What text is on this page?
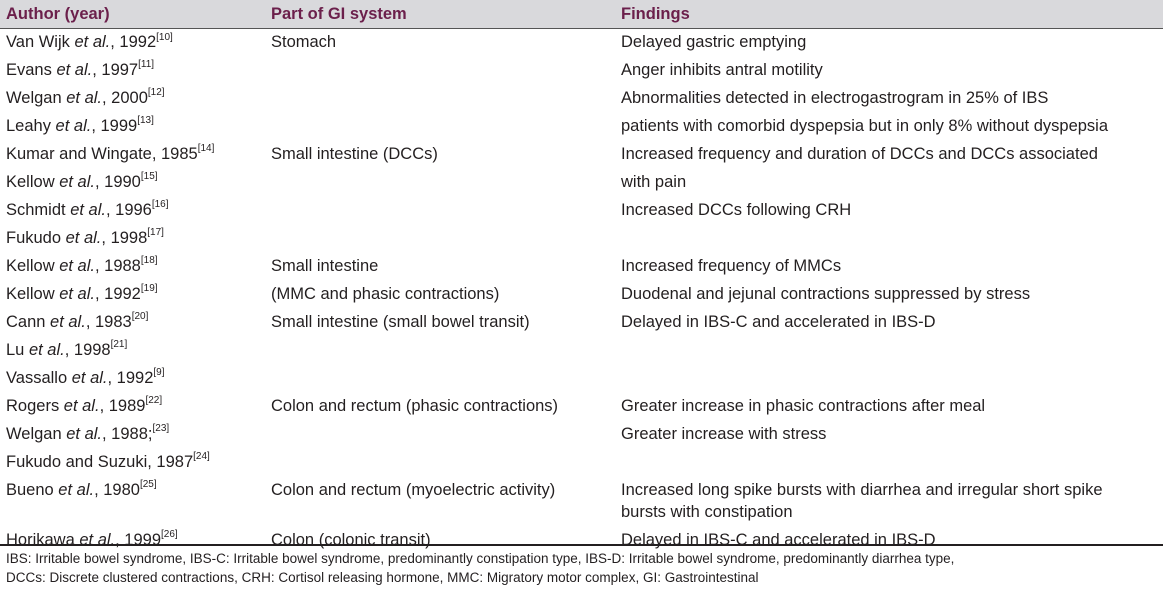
Author (year)	Part of GI system	Findings
Van Wijk et al., 1992[10]	Stomach	Delayed gastric emptying

Evans et al., 1997[11]		Anger inhibits antral motility

Welgan et al., 2000[12]		Abnormalities detected in electrogastrogram in 25% of IBS

Leahy et al., 1999[13]		patients with comorbid dyspepsia but in only 8% without dyspepsia

Kumar and Wingate, 1985[14]	Small intestine (DCCs)	Increased frequency and duration of DCCs and DCCs associated

Kellow et al., 1990[15]		with pain

Schmidt et al., 1996[16]		Increased DCCs following CRH

Fukudo et al., 1998[17]		

Kellow et al., 1988[18]	Small intestine	Increased frequency of MMCs

Kellow et al., 1992[19]	(MMC and phasic contractions)	Duodenal and jejunal contractions suppressed by stress

Cann et al., 1983[20]	Small intestine (small bowel transit)	Delayed in IBS-C and accelerated in IBS-D

Lu et al., 1998[21]		

Vassallo et al., 1992[9]		

Rogers et al., 1989[22]	Colon and rectum (phasic contractions)	Greater increase in phasic contractions after meal

Welgan et al., 1988;[23]		Greater increase with stress

Fukudo and Suzuki, 1987[24]		

Bueno et al., 1980[25]	Colon and rectum (myoelectric activity)	Increased long spike bursts with diarrhea and irregular short spike
bursts with constipation

Horikawa et al., 1999[26]	Colon (colonic transit)	Delayed in IBS-C and accelerated in IBS-D
IBS: Irritable bowel syndrome, IBS-C: Irritable bowel syndrome, predominantly constipation type, IBS-D: Irritable bowel syndrome, predominantly diarrhea type,
DCCs: Discrete clustered contractions, CRH: Cortisol releasing hormone, MMC: Migratory motor complex, GI: Gastrointestinal
